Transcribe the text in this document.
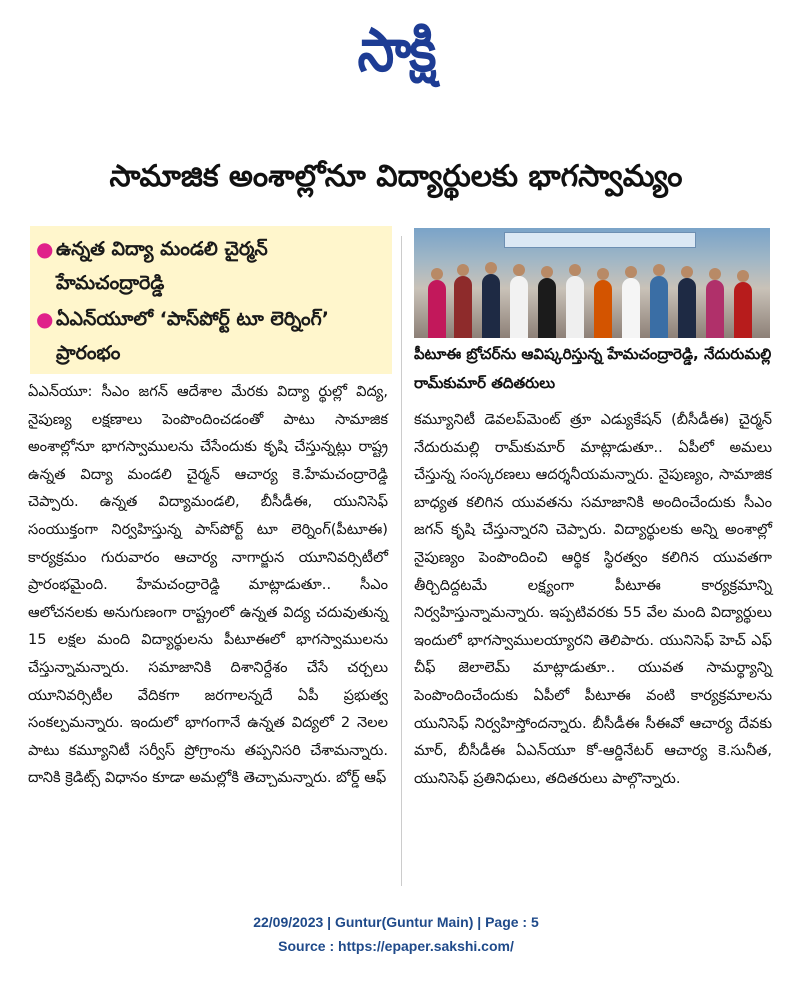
సాక్షి
సామాజిక అంశాల్లోనూ విద్యార్థులకు భాగస్వామ్యం
● ఉన్నత విద్యా మండలి చైర్మన్ హేమచంద్రారెడ్డి
● ఏఎన్‌యూలో ‘పాస్‌పోర్ట్ టూ లెర్నింగ్’ ప్రారంభం	పీటూఈ బ్రోచర్‌ను ఆవిష్కరిస్తున్న హేమచంద్రారెడ్డి, నేదురుమల్లి రామ్‌కుమార్ తదితరులు

ఏఎన్‌యూ: సీఎం జగన్ ఆదేశాల మేరకు విద్యా ర్థుల్లో విద్య, నైపుణ్య లక్షణాలు పెంపొందించడంతో పాటు సామాజిక అంశాల్లోనూ భాగస్వాములను చేసేందుకు కృషి చేస్తున్నట్లు రాష్ట్ర ఉన్నత విద్యా మండలి చైర్మన్ ఆచార్య కె.హేమచంద్రారెడ్డి చెప్పారు. ఉన్నత విద్యామండలి, బీసీడీఈ, యునిసెఫ్ సంయుక్తంగా నిర్వహిస్తున్న పాస్‌పోర్ట్ టూ లెర్నింగ్(పీటూఈ) కార్యక్రమం గురువారం ఆచార్య నాగార్జున యూనివర్సిటీలో ప్రారంభమైంది. హేమచంద్రారెడ్డి మాట్లాడుతూ.. సీఎం ఆలోచనలకు అనుగుణంగా రాష్ట్రంలో ఉన్నత విద్య చదువుతున్న 15 లక్షల మంది విద్యార్థులను పీటూఈలో భాగస్వాములను చేస్తున్నామన్నారు. సమాజానికి దిశానిర్దేశం చేసే చర్చలు యూనివర్సిటీల వేదికగా జరగాలన్నదే ఏపీ ప్రభుత్వ సంకల్పమన్నారు. ఇందులో భాగంగానే ఉన్నత విద్యలో 2 నెలల పాటు కమ్యూనిటీ సర్వీస్ ప్రోగ్రాంను తప్పనిసరి చేశామన్నారు. దానికి క్రెడిట్స్ విధానం కూడా అమల్లోకి తెచ్చామన్నారు. బోర్డ్ ఆఫ్

కమ్యూనిటీ డెవలప్‌మెంట్ త్రూ ఎడ్యుకేషన్ (బీసీడీఈ) చైర్మన్ నేదురుమల్లి రామ్‌కుమార్ మాట్లాడుతూ.. ఏపీలో అమలు చేస్తున్న సంస్కరణలు ఆదర్శనీయమన్నారు. నైపుణ్యం, సామాజిక బాధ్యత కలిగిన యువతను సమాజానికి అందించేందుకు సీఎం జగన్ కృషి చేస్తున్నారని చెప్పారు. విద్యార్థులకు అన్ని అంశాల్లో నైపుణ్యం పెంపొందించి ఆర్థిక స్థిరత్వం కలిగిన యువతగా తీర్చిదిద్దటమే లక్ష్యంగా పీటూఈ కార్యక్రమాన్ని నిర్వహిస్తున్నామన్నారు. ఇప్పటివరకు 55 వేల మంది విద్యార్థులు ఇందులో భాగస్వాములయ్యారని తెలిపారు. యునిసెఫ్ హెచ్ ఎఫ్ చీఫ్ జెలాలెమ్ మాట్లాడుతూ.. యువత సామర్థ్యాన్ని పెంపొందించేందుకు ఏపీలో పీటూఈ వంటి కార్యక్రమాలను యునిసెఫ్ నిర్వహిస్తోందన్నారు. బీసీడీఈ సీఈవో ఆచార్య దేవకు మార్, బీసీడీఈ ఏఎన్‌యూ కో-ఆర్డినేటర్ ఆచార్య కె.సునీత, యునిసెఫ్ ప్రతినిధులు, తదితరులు పాల్గొన్నారు.

22/09/2023 | Guntur(Guntur Main) | Page : 5
Source : https://epaper.sakshi.com/
